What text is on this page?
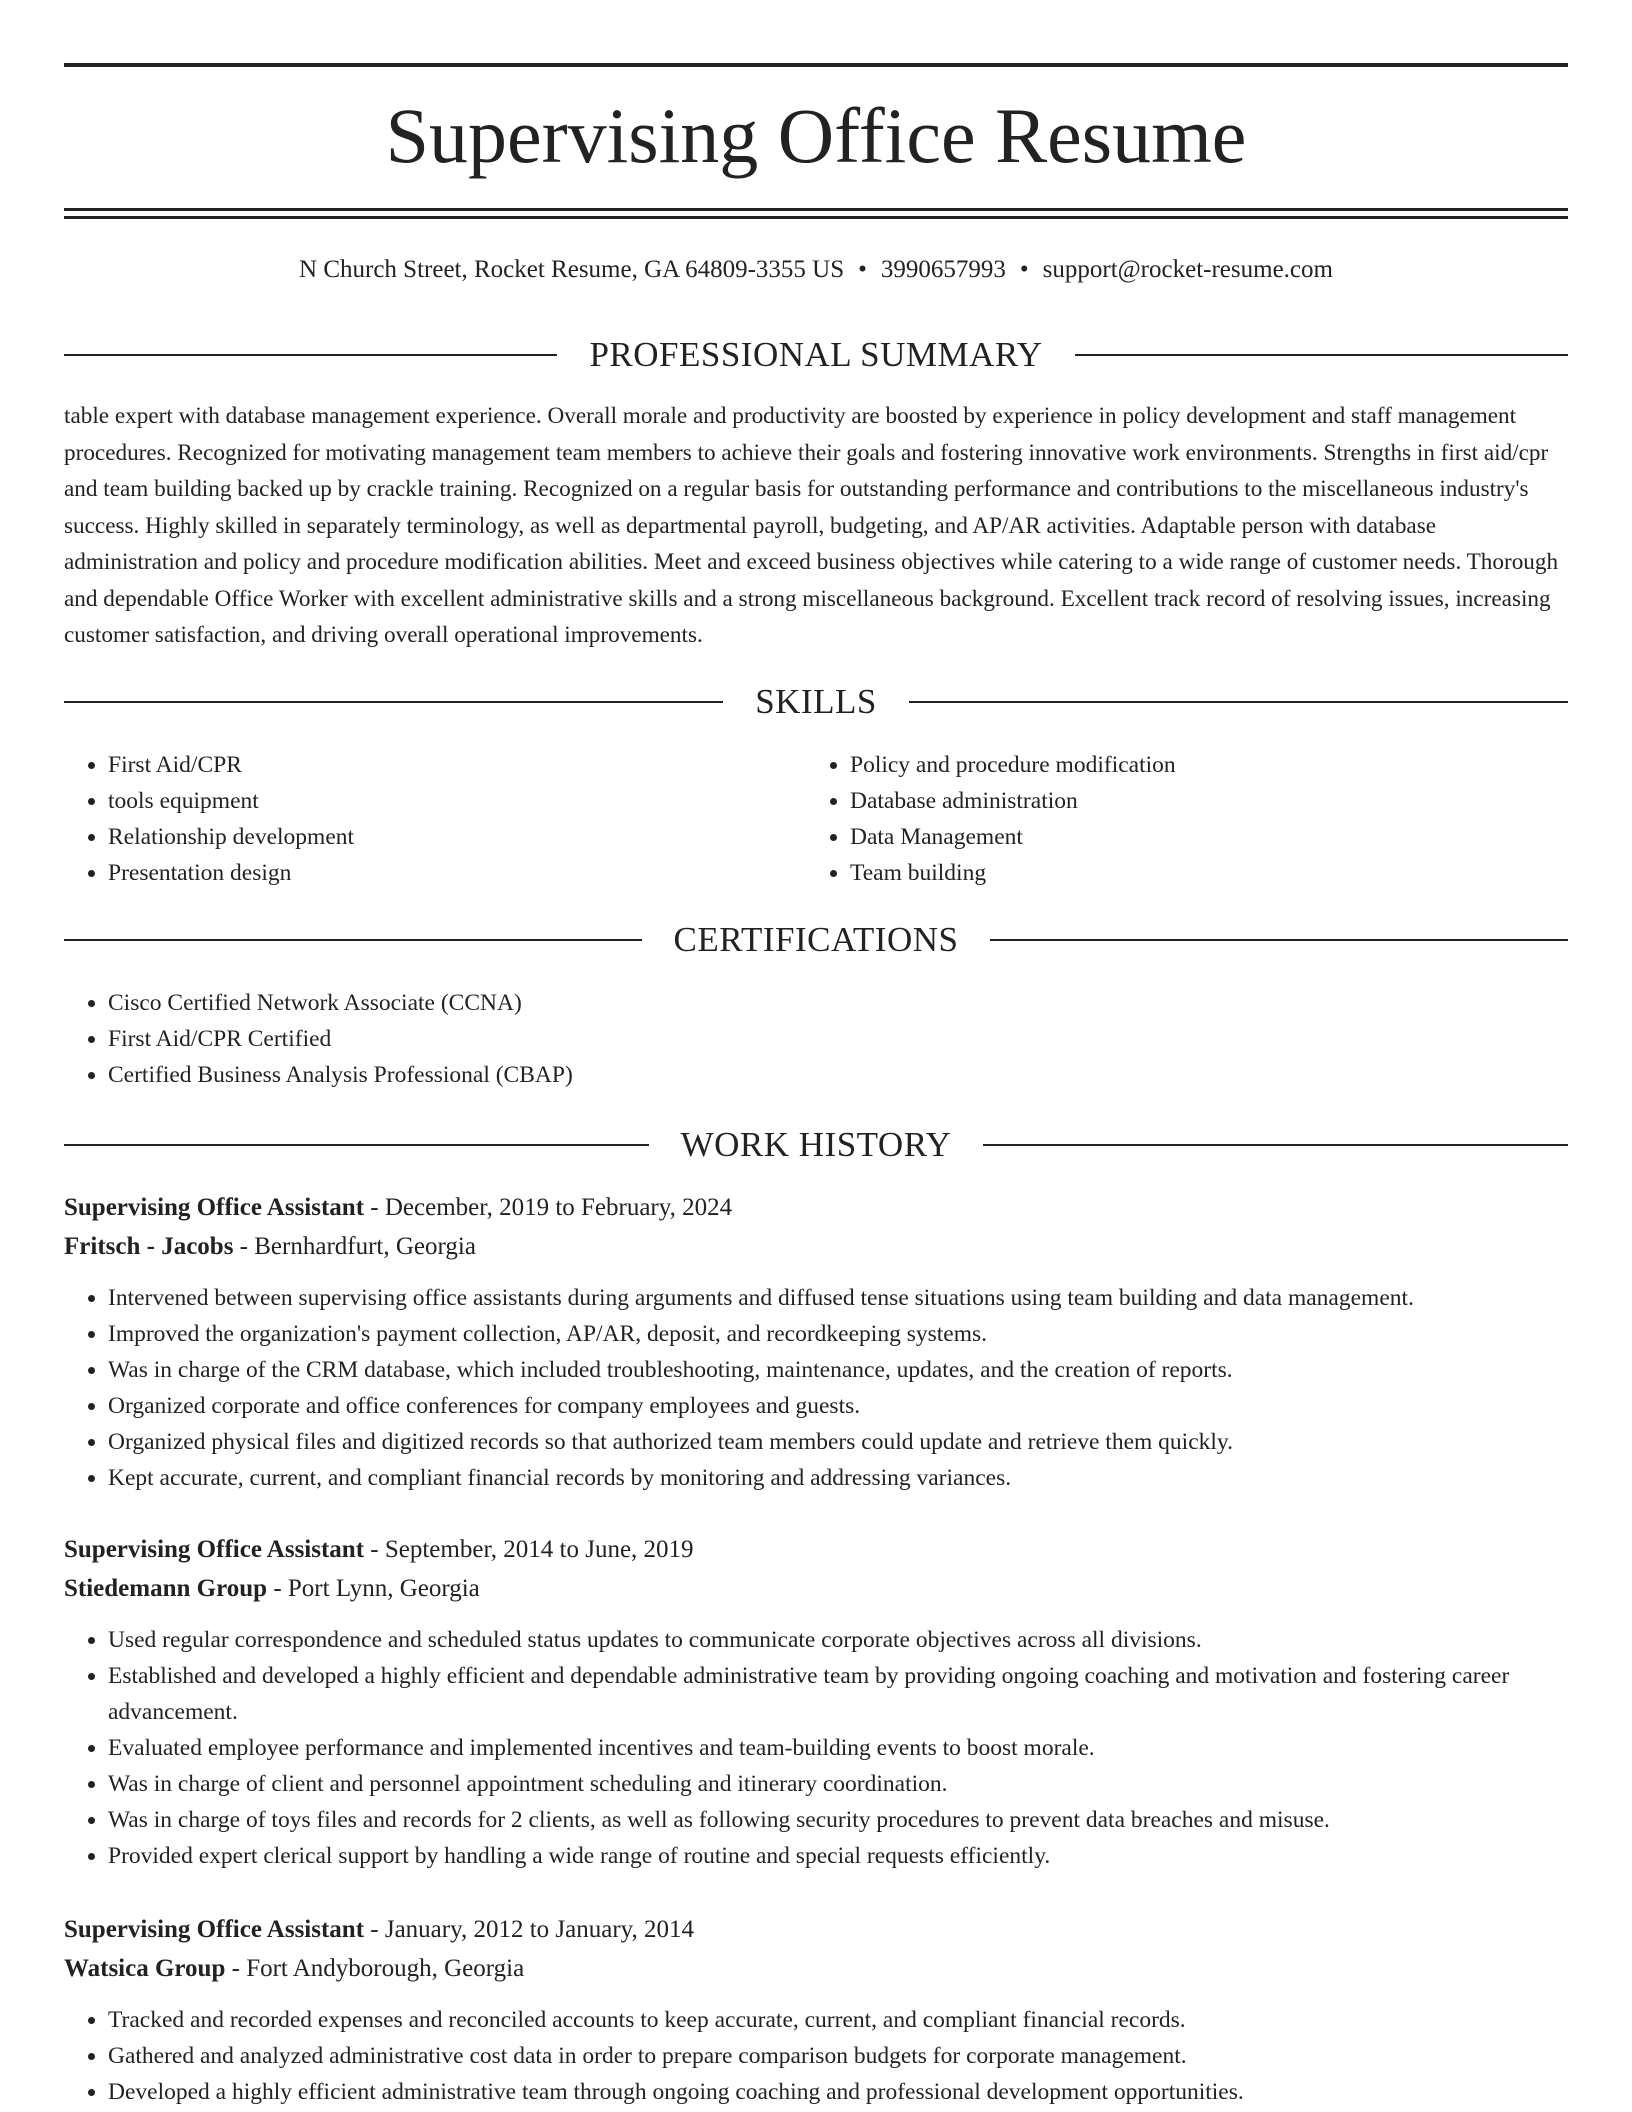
Supervising Office Resume
N Church Street, Rocket Resume, GA 64809-3355 US • 3990657993 • support@rocket-resume.com
PROFESSIONAL SUMMARY

table expert with database management experience. Overall morale and productivity are boosted by experience in policy development and staff management procedures. Recognized for motivating management team members to achieve their goals and fostering innovative work environments. Strengths in first aid/cpr and team building backed up by crackle training. Recognized on a regular basis for outstanding performance and contributions to the miscellaneous industry's success. Highly skilled in separately terminology, as well as departmental payroll, budgeting, and AP/AR activities. Adaptable person with database administration and policy and procedure modification abilities. Meet and exceed business objectives while catering to a wide range of customer needs. Thorough and dependable Office Worker with excellent administrative skills and a strong miscellaneous background. Excellent track record of resolving issues, increasing customer satisfaction, and driving overall operational improvements.

SKILLS
• First Aid/CPR
• tools equipment
• Relationship development
• Presentation design
• Policy and procedure modification
• Database administration
• Data Management
• Team building
CERTIFICATIONS
• Cisco Certified Network Associate (CCNA)
• First Aid/CPR Certified
• Certified Business Analysis Professional (CBAP)
WORK HISTORY
Supervising Office Assistant - December, 2019 to February, 2024
Fritsch - Jacobs - Bernhardfurt, Georgia
• Intervened between supervising office assistants during arguments and diffused tense situations using team building and data management.
• Improved the organization's payment collection, AP/AR, deposit, and recordkeeping systems.
• Was in charge of the CRM database, which included troubleshooting, maintenance, updates, and the creation of reports.
• Organized corporate and office conferences for company employees and guests.
• Organized physical files and digitized records so that authorized team members could update and retrieve them quickly.
• Kept accurate, current, and compliant financial records by monitoring and addressing variances.
Supervising Office Assistant - September, 2014 to June, 2019
Stiedemann Group - Port Lynn, Georgia
• Used regular correspondence and scheduled status updates to communicate corporate objectives across all divisions.
• Established and developed a highly efficient and dependable administrative team by providing ongoing coaching and motivation and fostering career advancement.
• Evaluated employee performance and implemented incentives and team-building events to boost morale.
• Was in charge of client and personnel appointment scheduling and itinerary coordination.
• Was in charge of toys files and records for 2 clients, as well as following security procedures to prevent data breaches and misuse.
• Provided expert clerical support by handling a wide range of routine and special requests efficiently.
Supervising Office Assistant - January, 2012 to January, 2014
Watsica Group - Fort Andyborough, Georgia
• Tracked and recorded expenses and reconciled accounts to keep accurate, current, and compliant financial records.
• Gathered and analyzed administrative cost data in order to prepare comparison budgets for corporate management.
• Developed a highly efficient administrative team through ongoing coaching and professional development opportunities.
